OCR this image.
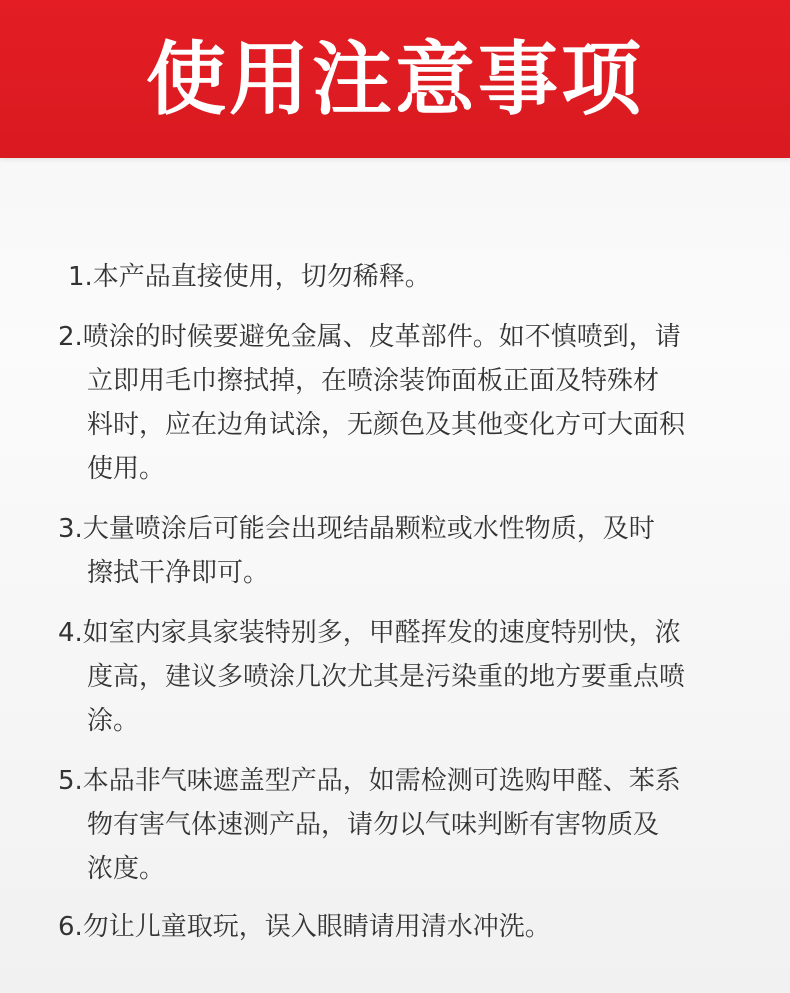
使用注意事项
1.本产品直接使用，切勿稀释。
2.喷涂的时候要避免金属、皮革部件。如不慎喷到，请
立即用毛巾擦拭掉，在喷涂装饰面板正面及特殊材
料时，应在边角试涂，无颜色及其他变化方可大面积
使用。
3.大量喷涂后可能会出现结晶颗粒或水性物质，及时
擦拭干净即可。
4.如室内家具家装特别多，甲醛挥发的速度特别快，浓
度高，建议多喷涂几次尤其是污染重的地方要重点喷
涂。
5.本品非气味遮盖型产品，如需检测可选购甲醛、苯系
物有害气体速测产品，请勿以气味判断有害物质及
浓度。
6.勿让儿童取玩，误入眼睛请用清水冲洗。
